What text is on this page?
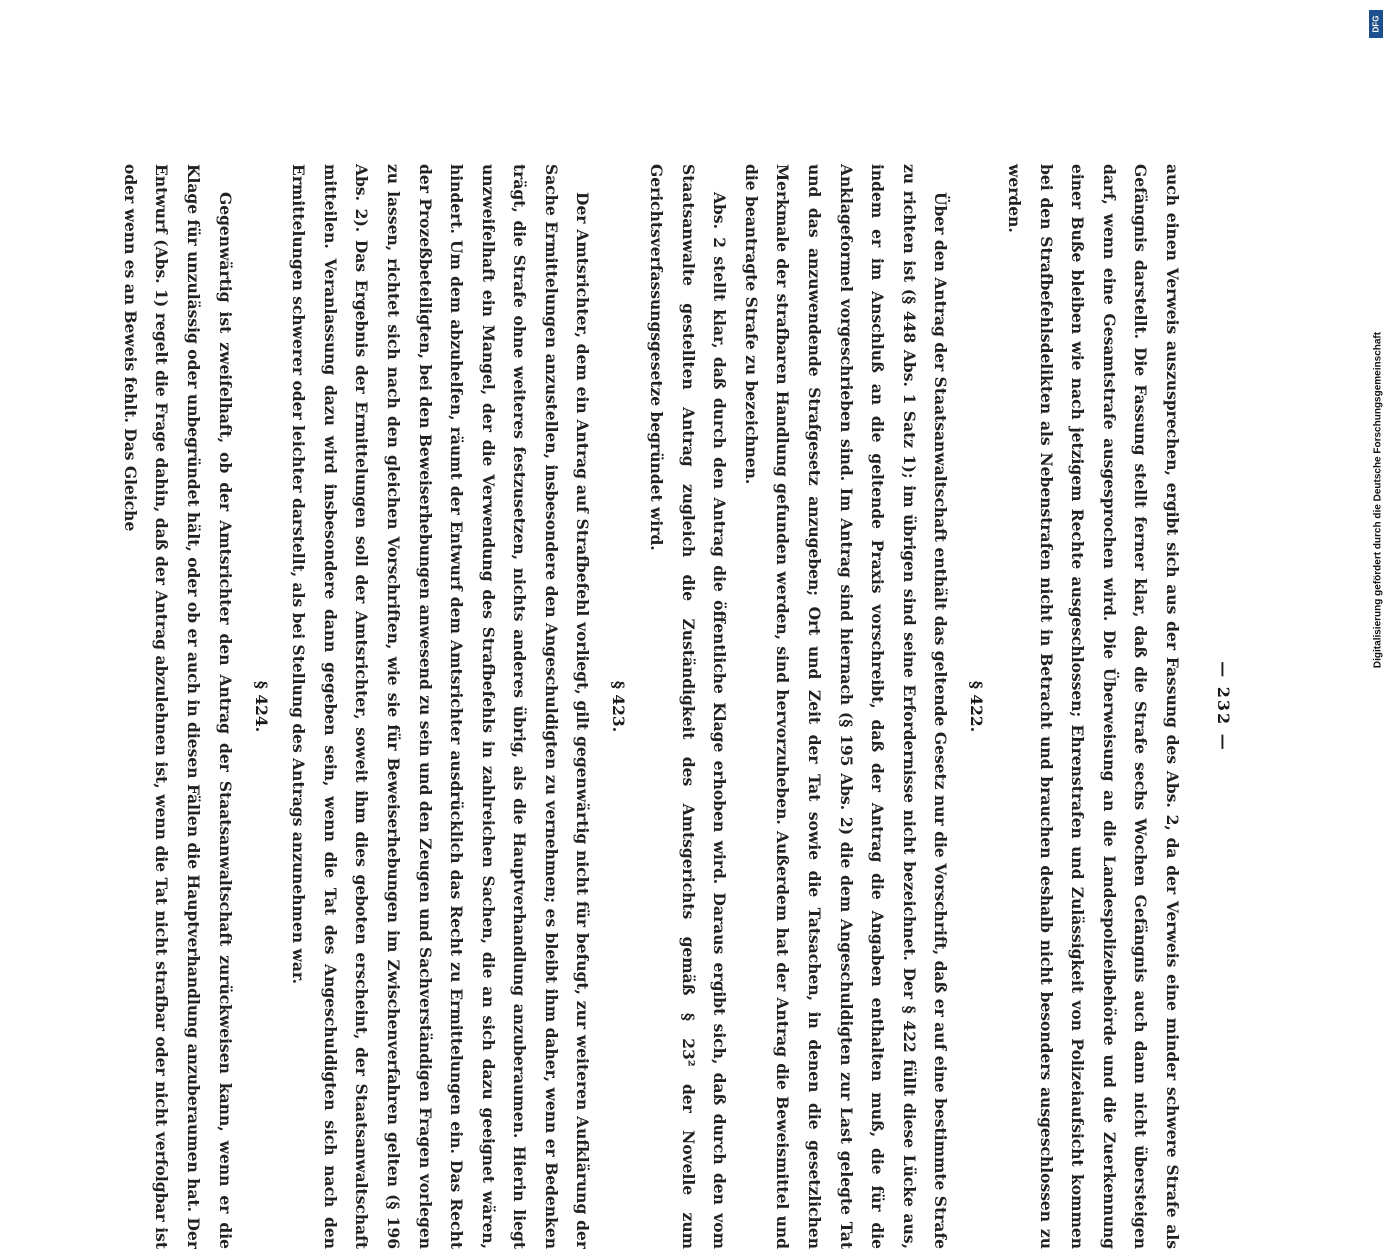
— 232 —

auch einen Verweis auszusprechen, ergibt sich aus der Fassung des Abs. 2, da der Verweis eine minder schwere Strafe als Gefängnis darstellt. Die Fassung stellt ferner klar, daß die Strafe sechs Wochen Gefängnis auch dann nicht übersteigen darf, wenn eine Gesamtstrafe ausgesprochen wird. Die Überweisung an die Landespolizeibehörde und die Zuerkennung einer Buße bleiben wie nach jetzigem Rechte ausgeschlossen; Ehrenstrafen und Zulässigkeit von Polizeiaufsicht kommen bei den Strafbefehlsdelikten als Nebenstrafen nicht in Betracht und brauchen deshalb nicht besonders ausgeschlossen zu werden.

§ 422.

Über den Antrag der Staatsanwaltschaft enthält das geltende Gesetz nur die Vorschrift, daß er auf eine bestimmte Strafe zu richten ist (§ 448 Abs. 1 Satz 1); im übrigen sind seine Erfordernisse nicht bezeichnet. Der § 422 füllt diese Lücke aus, indem er im Anschluß an die geltende Praxis vorschreibt, daß der Antrag die Angaben enthalten muß, die für die Anklageformel vorgeschrieben sind. Im Antrag sind hiernach (§ 195 Abs. 2) die dem Angeschuldigten zur Last gelegte Tat und das anzuwendende Strafgesetz anzugeben; Ort und Zeit der Tat sowie die Tatsachen, in denen die gesetzlichen Merkmale der strafbaren Handlung gefunden werden, sind hervorzuheben. Außerdem hat der Antrag die Beweismittel und die beantragte Strafe zu bezeichnen.

Abs. 2 stellt klar, daß durch den Antrag die öffentliche Klage erhoben wird. Daraus ergibt sich, daß durch den vom Staatsanwalte gestellten Antrag zugleich die Zuständigkeit des Amtsgerichts gemäß § 23² der Novelle zum Gerichtsverfassungsgesetze begründet wird.

§ 423.

Der Amtsrichter, dem ein Antrag auf Strafbefehl vorliegt, gilt gegenwärtig nicht für befugt, zur weiteren Aufklärung der Sache Ermittelungen anzustellen, insbesondere den Angeschuldigten zu vernehmen; es bleibt ihm daher, wenn er Bedenken trägt, die Strafe ohne weiteres festzusetzen, nichts anderes übrig, als die Hauptverhandlung anzuberaumen. Hierin liegt unzweifelhaft ein Mangel, der die Verwendung des Strafbefehls in zahlreichen Sachen, die an sich dazu geeignet wären, hindert. Um dem abzuhelfen, räumt der Entwurf dem Amtsrichter ausdrücklich das Recht zu Ermittelungen ein. Das Recht der Prozeßbeteiligten, bei den Beweiserhebungen anwesend zu sein und den Zeugen und Sachverständigen Fragen vorlegen zu lassen, richtet sich nach den gleichen Vorschriften, wie sie für Beweiserhebungen im Zwischenverfahren gelten (§ 196 Abs. 2). Das Ergebnis der Ermittelungen soll der Amtsrichter, soweit ihm dies geboten erscheint, der Staatsanwaltschaft mitteilen. Veranlassung dazu wird insbesondere dann gegeben sein, wenn die Tat des Angeschuldigten sich nach den Ermittelungen schwerer oder leichter darstellt, als bei Stellung des Antrags anzunehmen war.

§ 424.

Gegenwärtig ist zweifelhaft, ob der Amtsrichter den Antrag der Staatsanwaltschaft zurückweisen kann, wenn er die Klage für unzulässig oder unbegründet hält, oder ob er auch in diesen Fällen die Hauptverhandlung anzuberaumen hat. Der Entwurf (Abs. 1) regelt die Frage dahin, daß der Antrag abzulehnen ist, wenn die Tat nicht strafbar oder nicht verfolgbar ist oder wenn es an Beweis fehlt. Das Gleiche

DFG
Digitalisierung gefördert durch die Deutsche Forschungsgemeinschaft
